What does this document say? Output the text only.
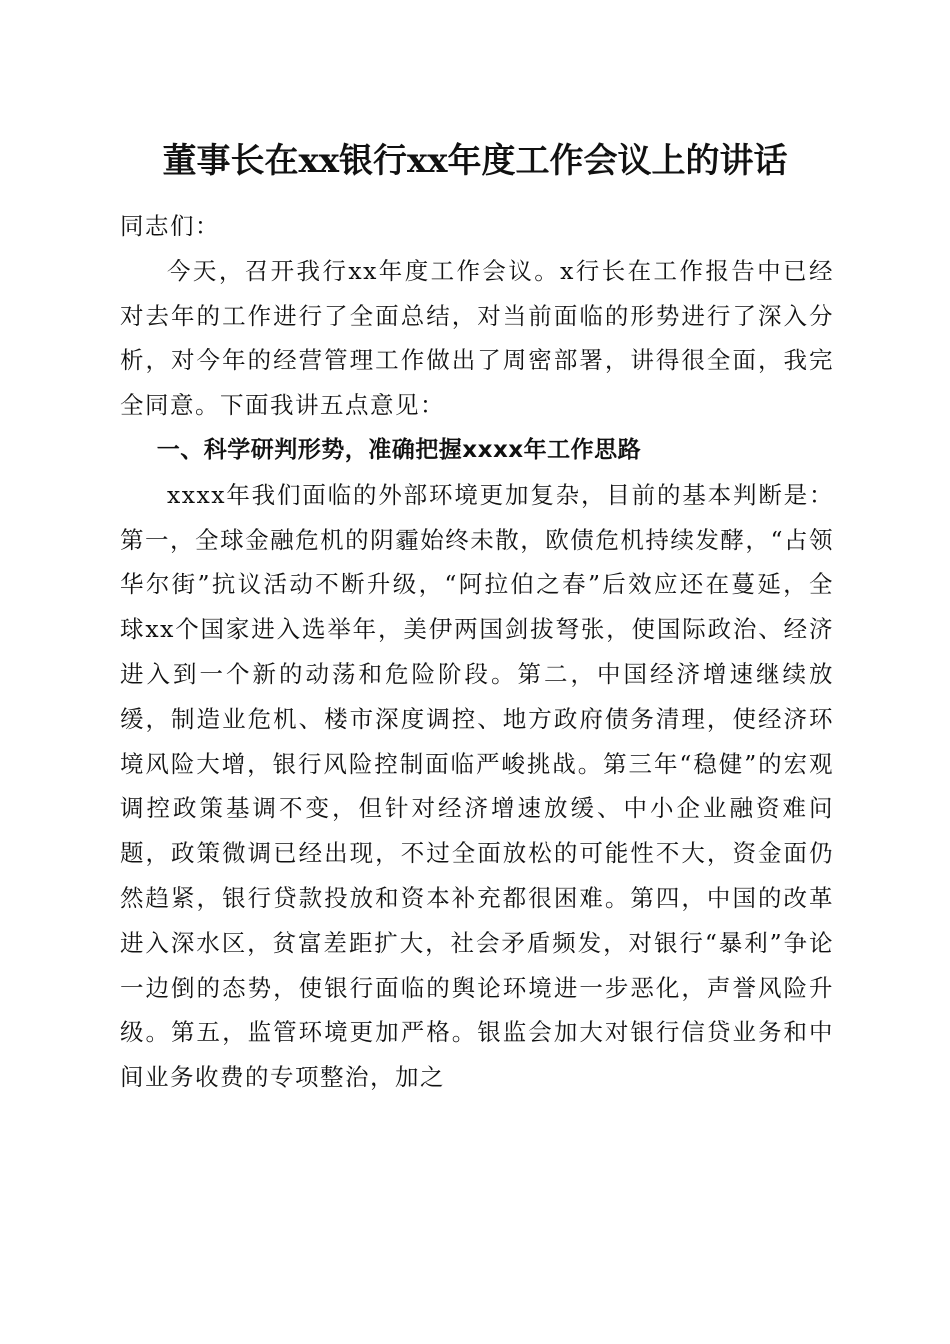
董事长在xx银行xx年度工作会议上的讲话

同志们：

今天，召开我行xx年度工作会议。x行长在工作报告中已经对去年的工作进行了全面总结，对当前面临的形势进行了深入分析，对今年的经营管理工作做出了周密部署，讲得很全面，我完全同意。下面我讲五点意见：

一、科学研判形势，准确把握xxxx年工作思路

xxxx年我们面临的外部环境更加复杂，目前的基本判断是：第一，全球金融危机的阴霾始终未散，欧债危机持续发酵，“占领华尔街”抗议活动不断升级，“阿拉伯之春”后效应还在蔓延，全球xx个国家进入选举年，美伊两国剑拔弩张，使国际政治、经济进入到一个新的动荡和危险阶段。第二，中国经济增速继续放缓，制造业危机、楼市深度调控、地方政府债务清理，使经济环境风险大增，银行风险控制面临严峻挑战。第三年“稳健”的宏观调控政策基调不变，但针对经济增速放缓、中小企业融资难问题，政策微调已经出现，不过全面放松的可能性不大，资金面仍然趋紧，银行贷款投放和资本补充都很困难。第四，中国的改革进入深水区，贫富差距扩大，社会矛盾频发，对银行“暴利”争论一边倒的态势，使银行面临的舆论环境进一步恶化，声誉风险升级。第五，监管环境更加严格。银监会加大对银行信贷业务和中间业务收费的专项整治，加之
